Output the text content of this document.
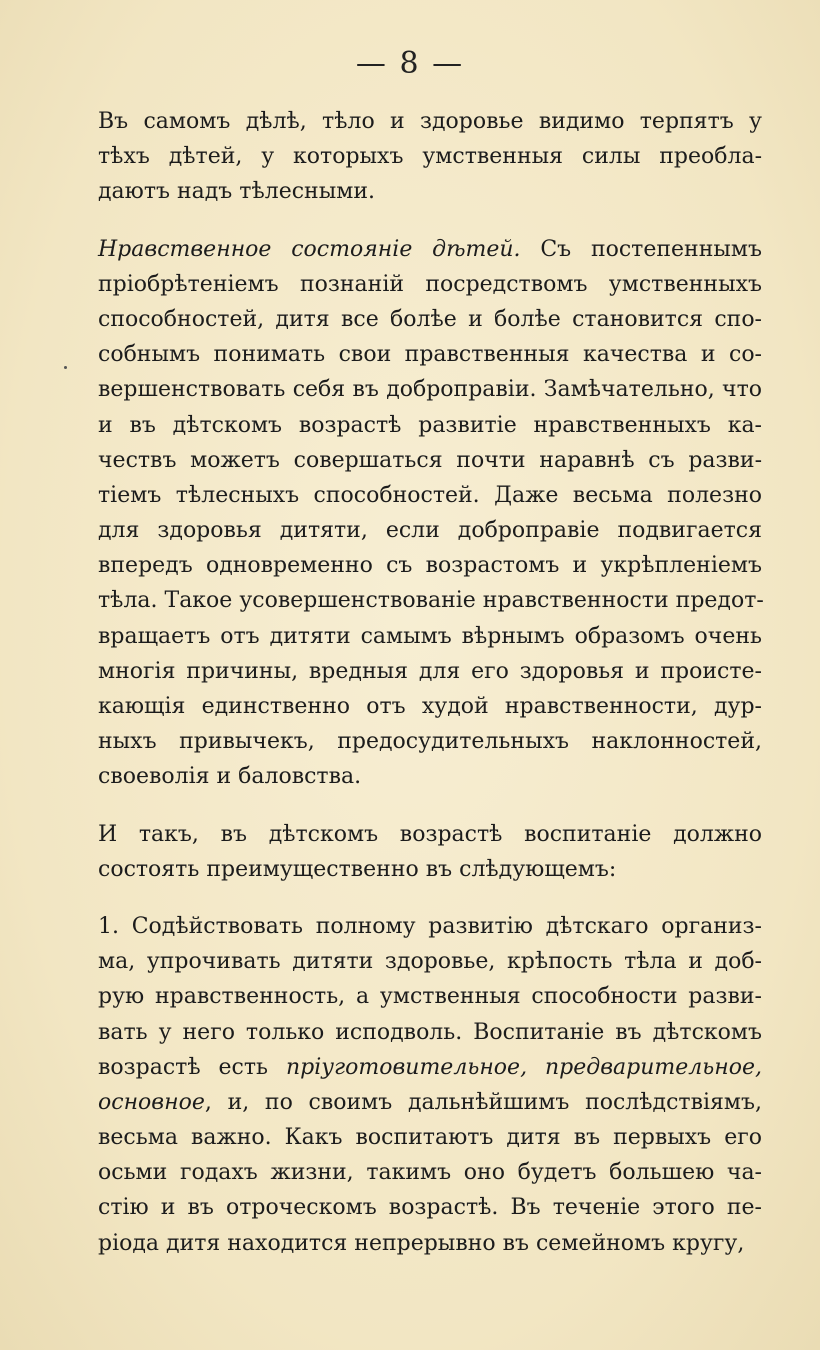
— 8 —
Въ самомъ дѣлѣ, тѣло и здоровье видимо терпятъ у
тѣхъ дѣтей, у которыхъ умственныя силы преобла-
даютъ надъ тѣлесными.
Нравственное состояніе дѣтей. Съ постепеннымъ
пріобрѣтеніемъ познаній посредствомъ умственныхъ
способностей, дитя все болѣе и болѣе становится спо-
собнымъ понимать свои правственныя качества и со-
вершенствовать себя въ доброправіи. Замѣчательно, что
и въ дѣтскомъ возрастѣ развитіе нравственныхъ ка-
чествъ можетъ совершаться почти наравнѣ съ разви-
тіемъ тѣлесныхъ способностей. Даже весьма полезно
для здоровья дитяти, если доброправіе подвигается
впередъ одновременно съ возрастомъ и укрѣпленіемъ
тѣла. Такое усовершенствованіе нравственности предот-
вращаетъ отъ дитяти самымъ вѣрнымъ образомъ очень
многія причины, вредныя для его здоровья и происте-
кающія единственно отъ худой нравственности, дур-
ныхъ привычекъ, предосудительныхъ наклонностей,
своеволія и баловства.
И такъ, въ дѣтскомъ возрастѣ воспитаніе должно
состоять преимущественно въ слѣдующемъ:
1. Содѣйствовать полному развитію дѣтскаго организ-
ма, упрочивать дитяти здоровье, крѣпость тѣла и доб-
рую нравственность, а умственныя способности разви-
вать у него только исподволь. Воспитаніе въ дѣтскомъ
возрастѣ есть пріуготовительное, предварительное,
основное, и, по своимъ дальнѣйшимъ послѣдствіямъ,
весьма важно. Какъ воспитаютъ дитя въ первыхъ его
осьми годахъ жизни, такимъ оно будетъ большею ча-
стію и въ отроческомъ возрастѣ. Въ теченіе этого пе-
ріода дитя находится непрерывно въ семейномъ кругу,
